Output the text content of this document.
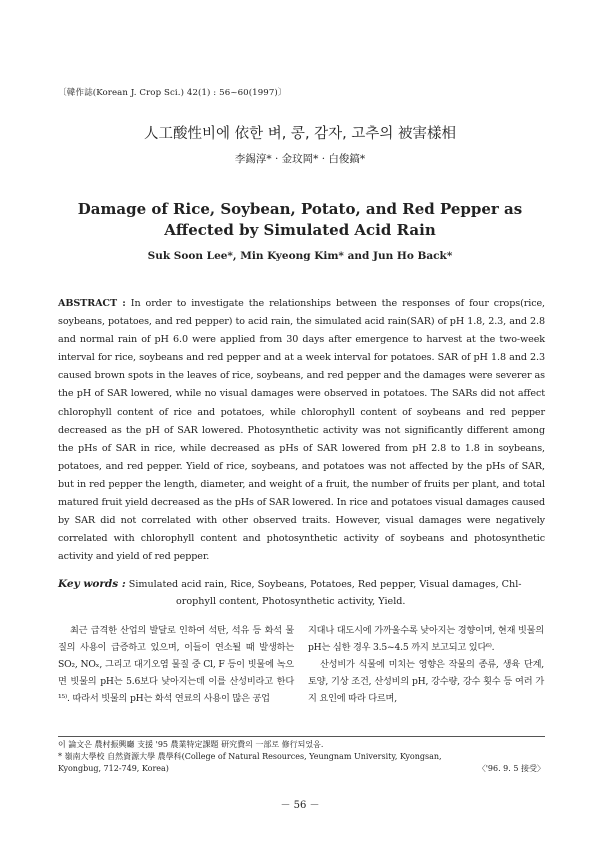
〔韓作誌(Korean J. Crop Sci.) 42(1) : 56~60(1997)〕
人工酸性비에 依한 벼, 콩, 감자, 고추의 被害樣相
李錫淳* · 金玟岡* · 白俊鎬*
Damage of Rice, Soybean, Potato, and Red Pepper as
Affected by Simulated Acid Rain
Suk Soon Lee*, Min Kyeong Kim* and Jun Ho Back*
ABSTRACT : In order to investigate the relationships between the responses of four crops(rice, soybeans, potatoes, and red pepper) to acid rain, the simulated acid rain(SAR) of pH 1.8, 2.3, and 2.8 and normal rain of pH 6.0 were applied from 30 days after emergence to harvest at the two-week interval for rice, soybeans and red pepper and at a week interval for potatoes. SAR of pH 1.8 and 2.3 caused brown spots in the leaves of rice, soybeans, and red pepper and the damages were severer as the pH of SAR lowered, while no visual damages were observed in potatoes. The SARs did not affect chlorophyll content of rice and potatoes, while chlorophyll content of soybeans and red pepper decreased as the pH of SAR lowered. Photosynthetic activity was not significantly different among the pHs of SAR in rice, while decreased as pHs of SAR lowered from pH 2.8 to 1.8 in soybeans, potatoes, and red pepper. Yield of rice, soybeans, and potatoes was not affected by the pHs of SAR, but in red pepper the length, diameter, and weight of a fruit, the number of fruits per plant, and total matured fruit yield decreased as the pHs of SAR lowered. In rice and potatoes visual damages caused by SAR did not correlated with other observed traits. However, visual damages were negatively correlated with chlorophyll content and photosynthetic activity of soybeans and photosynthetic activity and yield of red pepper.
Key words : Simulated acid rain, Rice, Soybeans, Potatoes, Red pepper, Visual damages, Chl-
orophyll content, Photosynthetic activity, Yield.
최근 급격한 산업의 발달로 인하여 석탄, 석유 등 화석 물질의 사용이 급증하고 있으며, 이들이 연소될 때 발생하는 SO₂, NOₓ, 그리고 대기오염 물질 중 Cl, F 등이 빗물에 녹으면 빗물의 pH는 5.6보다 낮아지는데 이를 산성비라고 한다¹⁵⁾. 따라서 빗물의 pH는 화석 연료의 사용이 많은 공업
지대나 대도시에 가까울수록 낮아지는 경향이며, 현재 빗물의 pH는 심한 경우 3.5~4.5 까지 보고되고 있다⁶⁾.
산성비가 식물에 미치는 영향은 작물의 종류, 생육 단계, 토양, 기상 조건, 산성비의 pH, 강수량, 강수 횟수 등 여러 가지 요인에 따라 다르며,
이 論文은 農村振興廳 支援 '95 農業特定課題 研究費의 一部로 修行되었음.
* 嶺南大學校 自然資源大學 農學科(College of Natural Resources, Yeungnam University, Kyongsan,
Kyongbug, 712-749, Korea)	〈'96. 9. 5 接受〉
－ 56 －
